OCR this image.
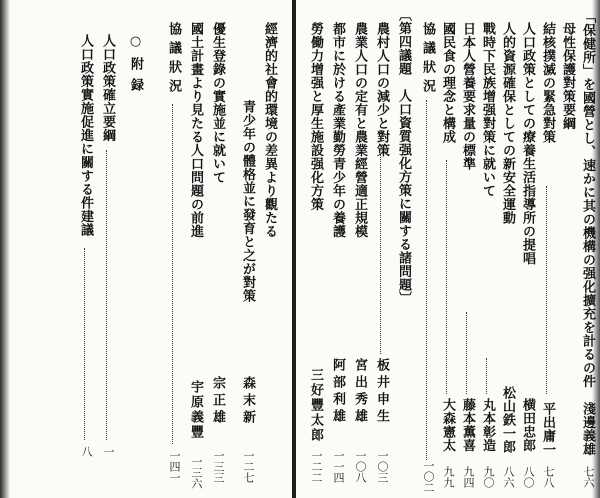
「保健所」を國營とし、速かに其の機構の强化擴充を計るの件
淺邊義雄
七六
母性保護對策要綱
結核撲滅の緊急對策
平出庸一
七八
人口政策としての療養生活指導所の提唱
横田忠郎
八〇
人的資源確保としての新安全運動
松山鉄一郎
八六
戰時下民族增强對策に就いて
丸本彰造
九〇
日本人營養要求量の標準
藤本薫喜
九四
國民食の理念と構成
大森憲太
九九
協議狀況
一〇二
〔第四議題　人口資質强化方策に關する諸問題〕
農村人口の減少と對策
板井申生
一〇三
農業人口の定有と農業經營適正規模
宮出秀雄
一〇八
都市に於ける產業勤勞青少年の養護
阿部利雄
一一四
勞働力增强と厚生施設强化方策
三好豐太郎
一二二
經濟的社會的環境の差異より觀たる
青少年の體格並に發育と之が對策
森末新
一二七
優生登錄の實施並に就いて
宗正雄
一三三
國土計畫より見たる人口問題の前進
宇原義豐
一三六
協議狀況
一四一
○附録
人口政策確立要綱
一
人口政策實施促進に關する件建議
八
